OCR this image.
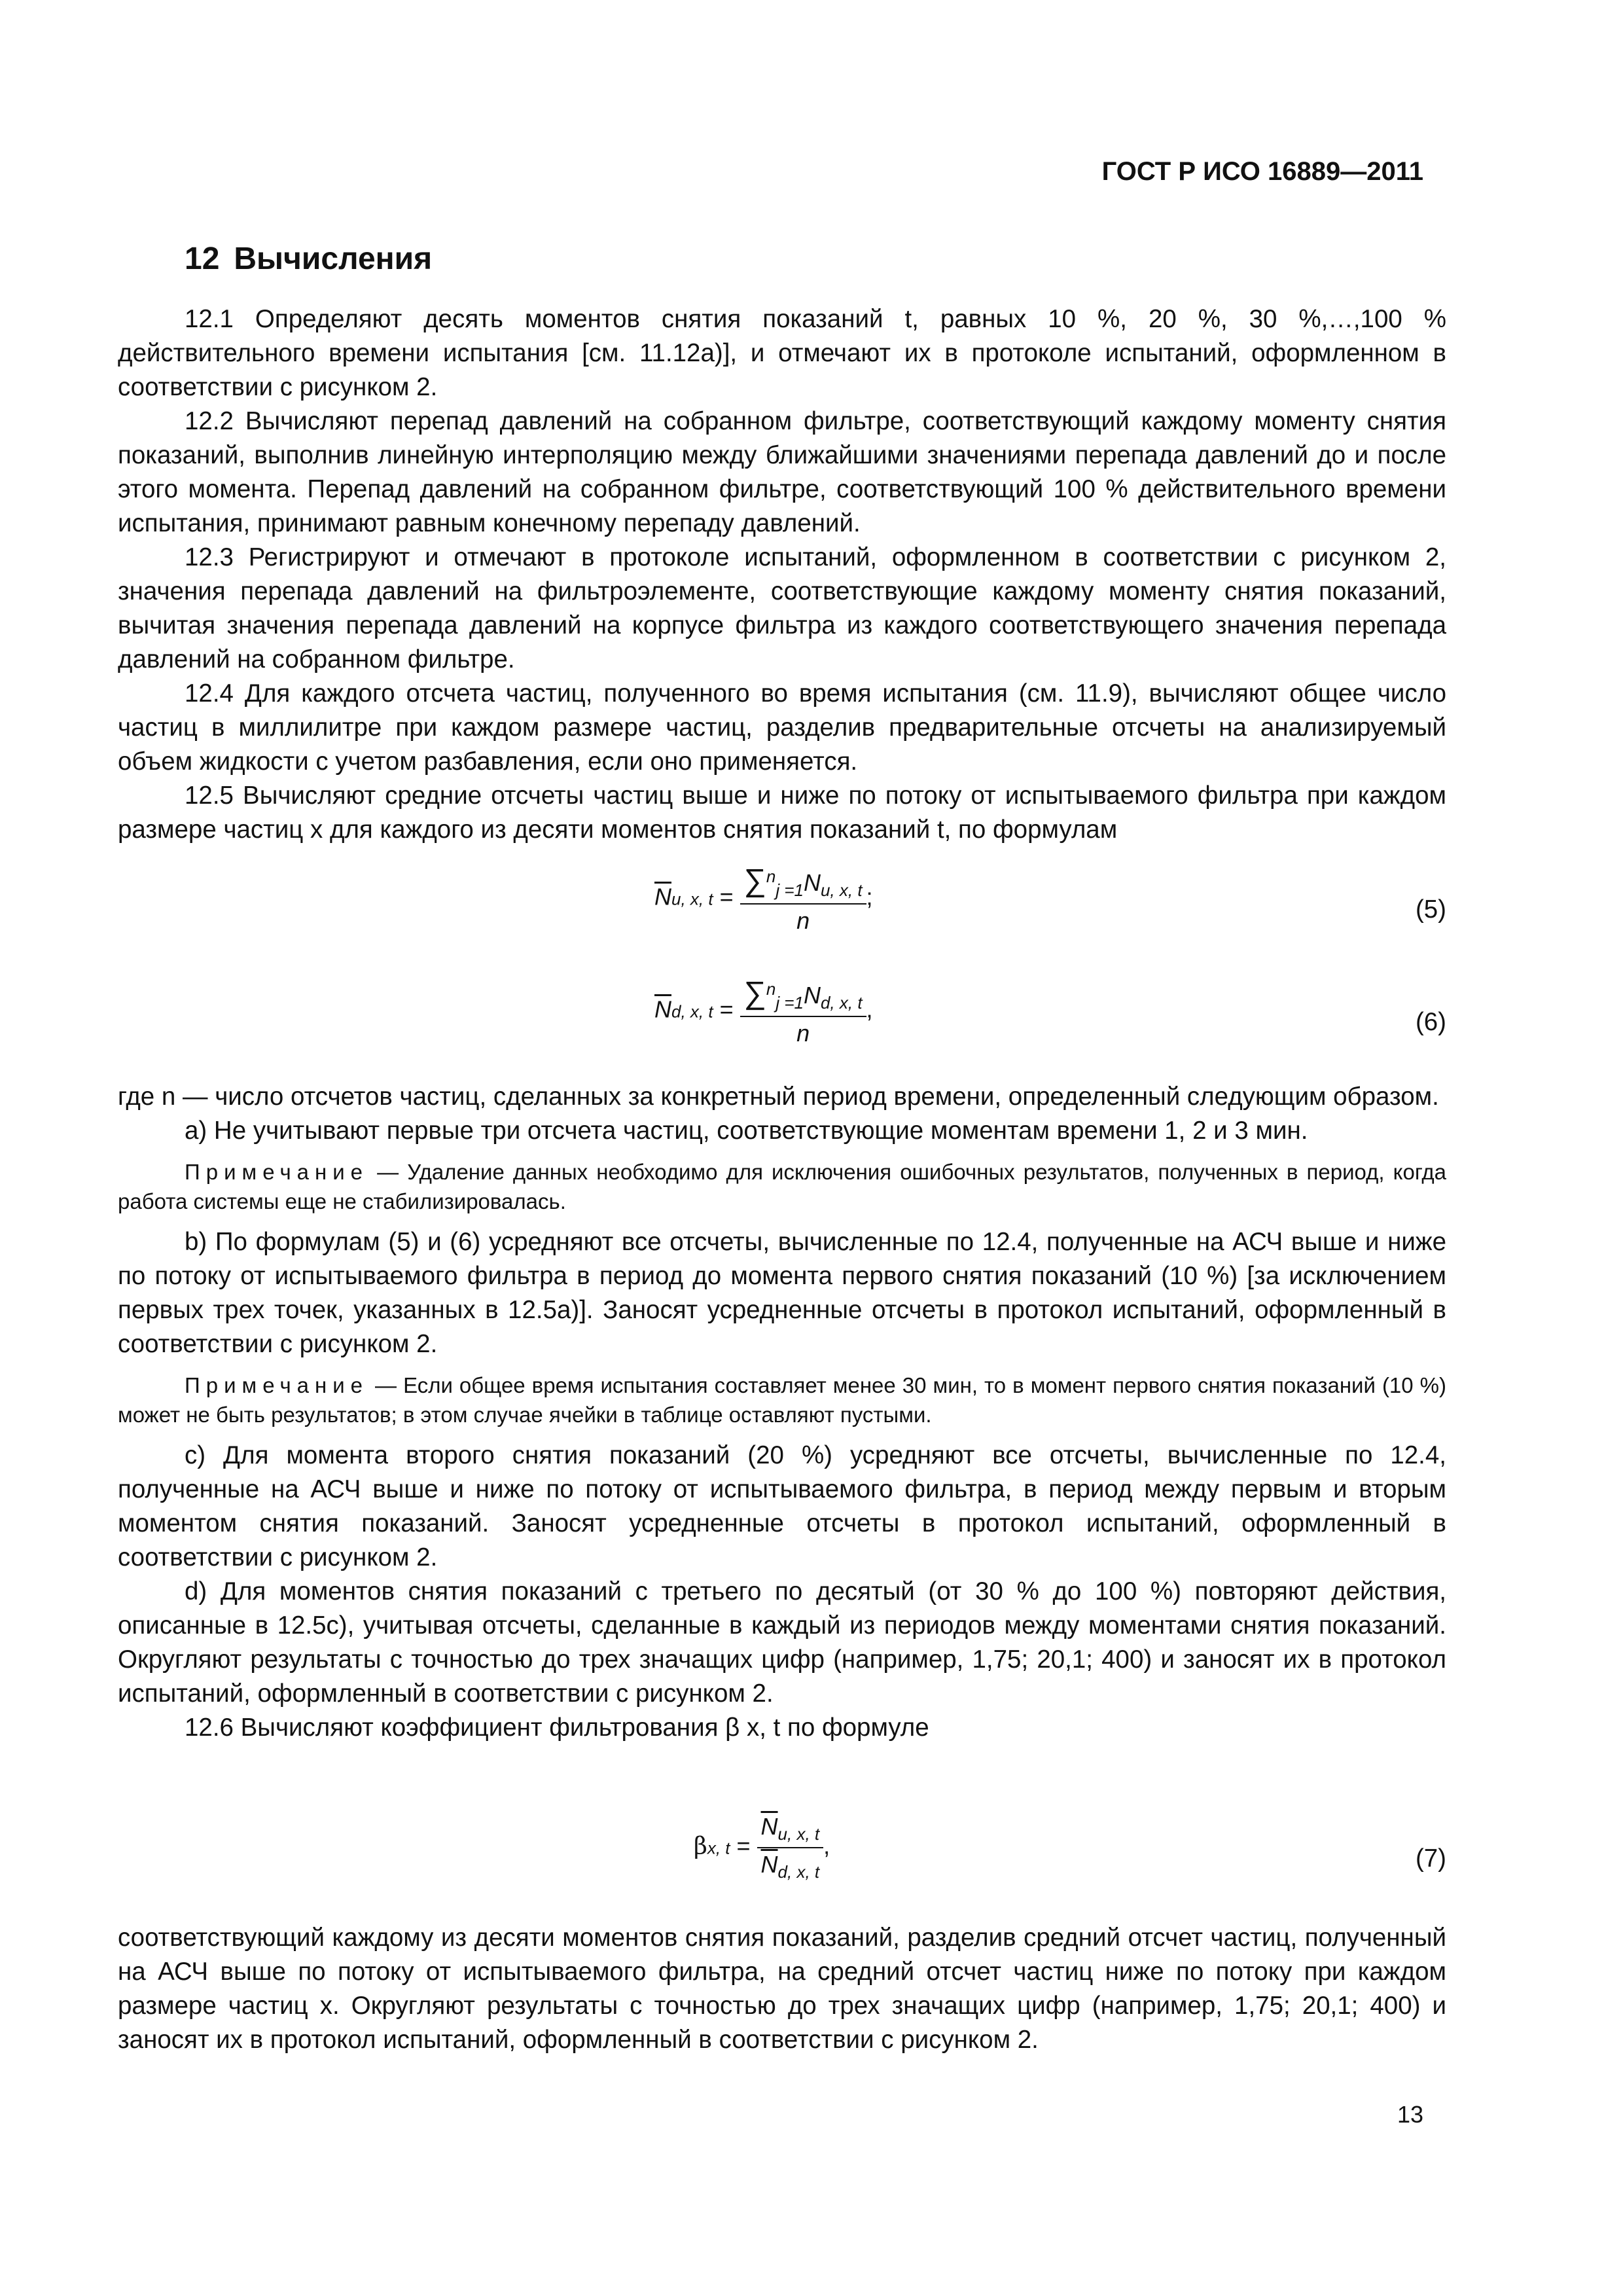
ГОСТ Р ИСО 16889—2011
12 Вычисления

12.1 Определяют десять моментов снятия показаний t, равных 10 %, 20 %, 30 %,…,100 % действительного времени испытания [см. 11.12а)], и отмечают их в протоколе испытаний, оформленном в соответствии с рисунком 2.

12.2 Вычисляют перепад давлений на собранном фильтре, соответствующий каждому моменту снятия показаний, выполнив линейную интерполяцию между ближайшими значениями перепада давлений до и после этого момента. Перепад давлений на собранном фильтре, соответствующий 100 % действительного времени испытания, принимают равным конечному перепаду давлений.

12.3 Регистрируют и отмечают в протоколе испытаний, оформленном в соответствии с рисунком 2, значения перепада давлений на фильтроэлементе, соответствующие каждому моменту снятия показаний, вычитая значения перепада давлений на корпусе фильтра из каждого соответствующего значения перепада давлений на собранном фильтре.

12.4 Для каждого отсчета частиц, полученного во время испытания (см. 11.9), вычисляют общее число частиц в миллилитре при каждом размере частиц, разделив предварительные отсчеты на анализируемый объем жидкости с учетом разбавления, если оно применяется.

12.5 Вычисляют средние отсчеты частиц выше и ниже по потоку от испытываемого фильтра при каждом размере частиц x для каждого из десяти моментов снятия показаний t, по формулам

$\overline{N}u$, x, $t = \frac{\sum^n_{j =1}N_{u, x, t}}{n}$ ;	(5)
$\overline{N}d$, x, $t = \frac{\sum^n_{j =1}N_{d, x, t}}{n}$ ,	(6)

где n — число отсчетов частиц, сделанных за конкретный период времени, определенный следующим образом.

а) Не учитывают первые три отсчета частиц, соответствующие моментам времени 1, 2 и 3 мин.

Примечание — Удаление данных необходимо для исключения ошибочных результатов, полученных в период, когда работа системы еще не стабилизировалась.

b) По формулам (5) и (6) усредняют все отсчеты, вычисленные по 12.4, полученные на АСЧ выше и ниже по потоку от испытываемого фильтра в период до момента первого снятия показаний (10 %) [за исключением первых трех точек, указанных в 12.5а)]. Заносят усредненные отсчеты в протокол испытаний, оформленный в соответствии с рисунком 2.

Примечание — Если общее время испытания составляет менее 30 мин, то в момент первого снятия показаний (10 %) может не быть результатов; в этом случае ячейки в таблице оставляют пустыми.

с) Для момента второго снятия показаний (20 %) усредняют все отсчеты, вычисленные по 12.4, полученные на АСЧ выше и ниже по потоку от испытываемого фильтра, в период между первым и вторым моментом снятия показаний. Заносят усредненные отсчеты в протокол испытаний, оформленный в соответствии с рисунком 2.

d) Для моментов снятия показаний с третьего по десятый (от 30 % до 100 %) повторяют действия, описанные в 12.5с), учитывая отсчеты, сделанные в каждый из периодов между моментами снятия показаний. Округляют результаты с точностью до трех значащих цифр (например, 1,75; 20,1; 400) и заносят их в протокол испытаний, оформленный в соответствии с рисунком 2.

12.6 Вычисляют коэффициент фильтрования β x, t по формуле

βx, $t = \frac{\overline{N}_{u, x, t}}{\overline{N}_{d, x, t}}$ ,	(7)

соответствующий каждому из десяти моментов снятия показаний, разделив средний отсчет частиц, полученный на АСЧ выше по потоку от испытываемого фильтра, на средний отсчет частиц ниже по потоку при каждом размере частиц x. Округляют результаты с точностью до трех значащих цифр (например, 1,75; 20,1; 400) и заносят их в протокол испытаний, оформленный в соответствии с рисунком 2.

13
